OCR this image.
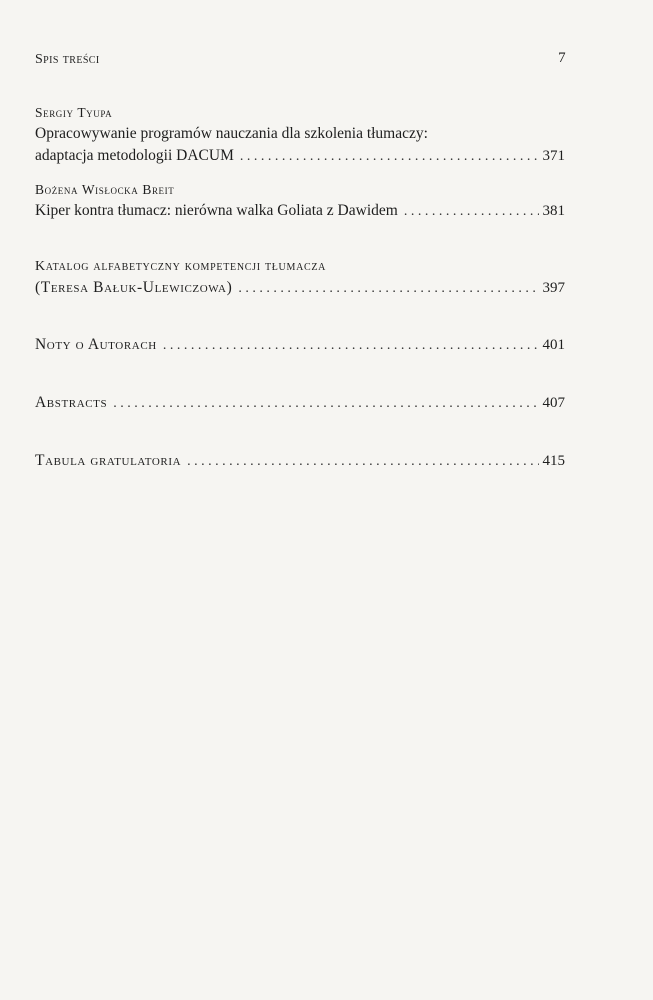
Spis treści	7
Sergiy Tyupa
Opracowywanie programów nauczania dla szkolenia tłumaczy:
adaptacja metodologii DACUM . . .	371
Bożena Wisłocka Breit
Kiper kontra tłumacz: nierówna walka Goliata z Dawidem . . .	381
Katalog alfabetyczny kompetencji tłumacza
(Teresa Bałuk-Ulewiczowa) . . .	397
Noty o Autorach . . .	401
Abstracts . . .	407
Tabula gratulatoria . . .	415
